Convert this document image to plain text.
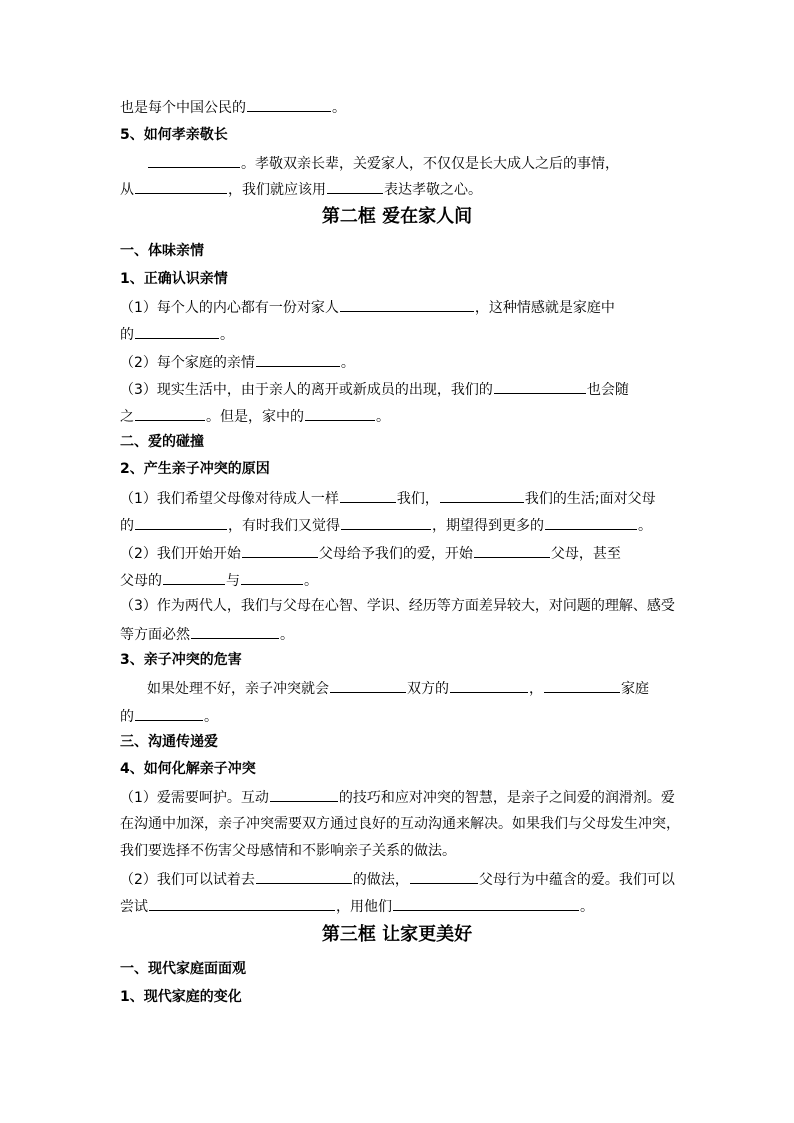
也是每个中国公民的	。
5、如何孝亲敬长
。孝敬双亲长辈，关爱家人，不仅仅是长大成人之后的事情，
从	，我们就应该用	表达孝敬之心。
第二框 爱在家人间
一、体味亲情
1、正确认识亲情
（1）每个人的内心都有一份对家人	，这种情感就是家庭中
的	。
（2）每个家庭的亲情	。
（3）现实生活中，由于亲人的离开或新成员的出现，我们的	也会随
之	。但是，家中的	。
二、爱的碰撞
2、产生亲子冲突的原因
（1）我们希望父母像对待成人一样	我们，	我们的生活;面对父母
的	，有时我们又觉得	，期望得到更多的	。
（2）我们开始开始	父母给予我们的爱，开始	父母，甚至
父母的	与	。
（3）作为两代人，我们与父母在心智、学识、经历等方面差异较大，对问题的理解、感受
等方面必然	。
3、亲子冲突的危害
如果处理不好，亲子冲突就会	双方的	，	家庭
的	。
三、沟通传递爱
4、如何化解亲子冲突
（1）爱需要呵护。互动	的技巧和应对冲突的智慧，是亲子之间爱的润滑剂。爱
在沟通中加深，亲子冲突需要双方通过良好的互动沟通来解决。如果我们与父母发生冲突，
我们要选择不伤害父母感情和不影响亲子关系的做法。
（2）我们可以试着去	的做法，	父母行为中蕴含的爱。我们可以
尝试	，用他们	。
第三框 让家更美好
一、现代家庭面面观
1、现代家庭的变化
